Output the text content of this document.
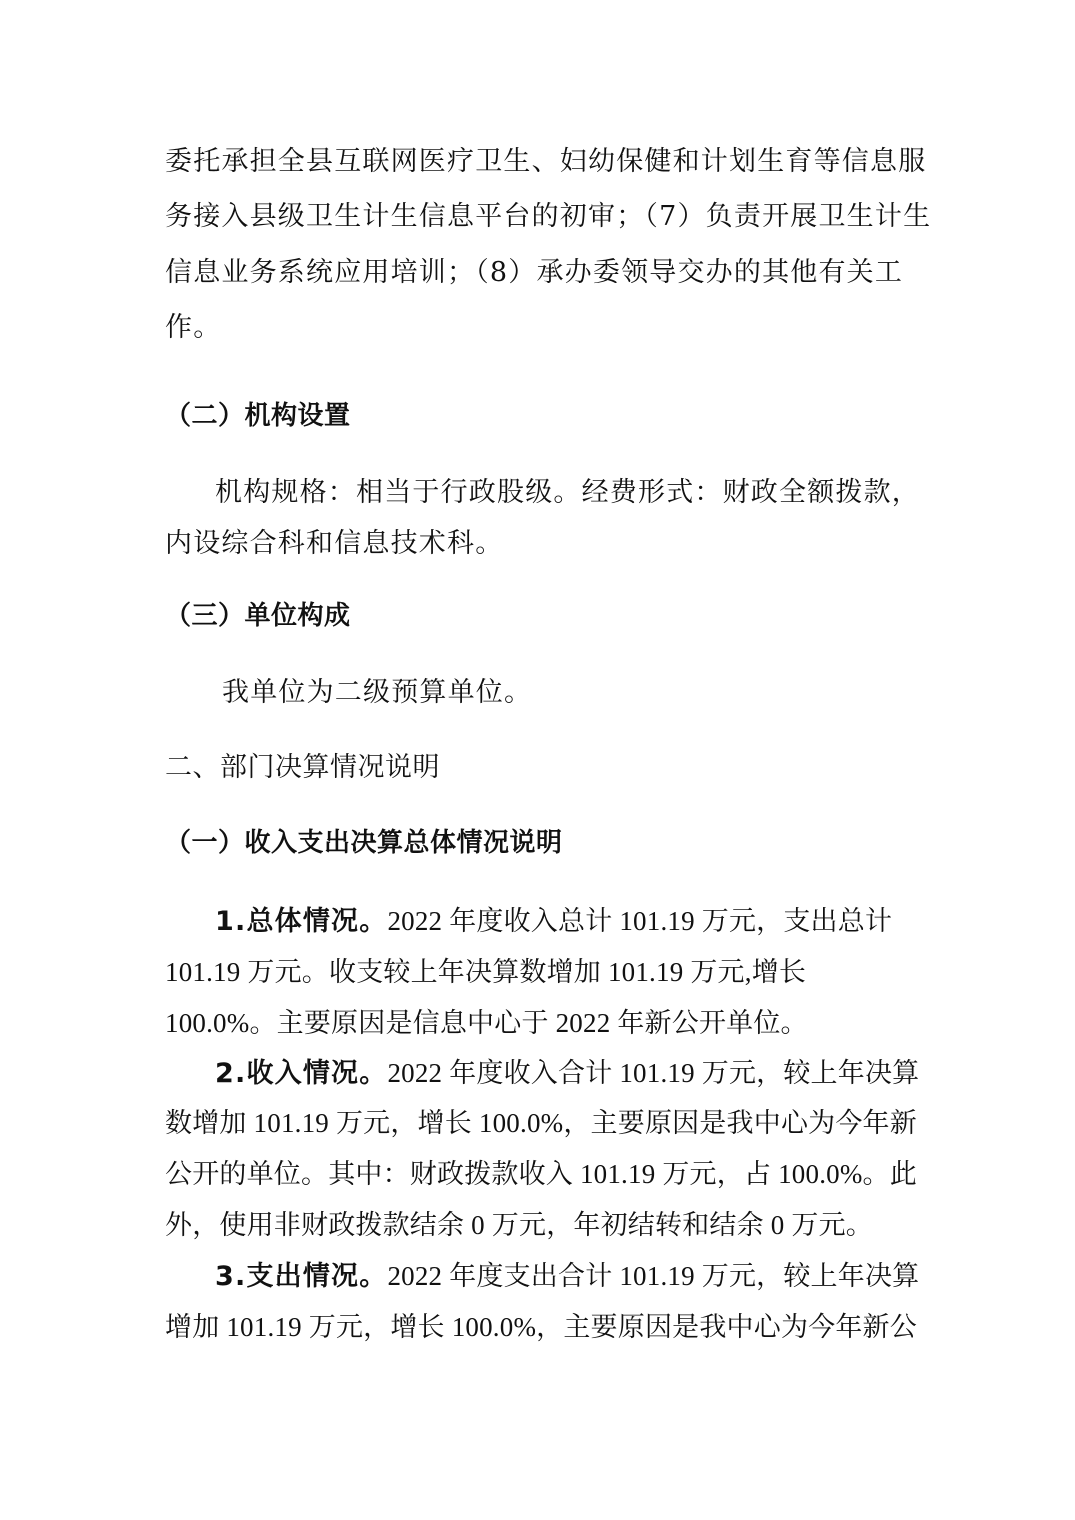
委托承担全县互联网医疗卫生、妇幼保健和计划生育等信息服
务接入县级卫生计生信息平台的初审；（7）负责开展卫生计生
信息业务系统应用培训；（8）承办委领导交办的其他有关工
作。
（二）机构设置
机构规格：相当于行政股级。经费形式：财政全额拨款，
内设综合科和信息技术科。
（三）单位构成
我单位为二级预算单位。
二、部门决算情况说明
（一）收入支出决算总体情况说明
1.总体情况。2022 年度收入总计 101.19 万元，支出总计
101.19 万元。收支较上年决算数增加 101.19 万元,增长
100.0%。主要原因是信息中心于 2022 年新公开单位。
2.收入情况。2022 年度收入合计 101.19 万元，较上年决算
数增加 101.19 万元，增长 100.0%，主要原因是我中心为今年新
公开的单位。其中：财政拨款收入 101.19 万元，占 100.0%。此
外，使用非财政拨款结余 0 万元，年初结转和结余 0 万元。
3.支出情况。2022 年度支出合计 101.19 万元，较上年决算
增加 101.19 万元，增长 100.0%，主要原因是我中心为今年新公
